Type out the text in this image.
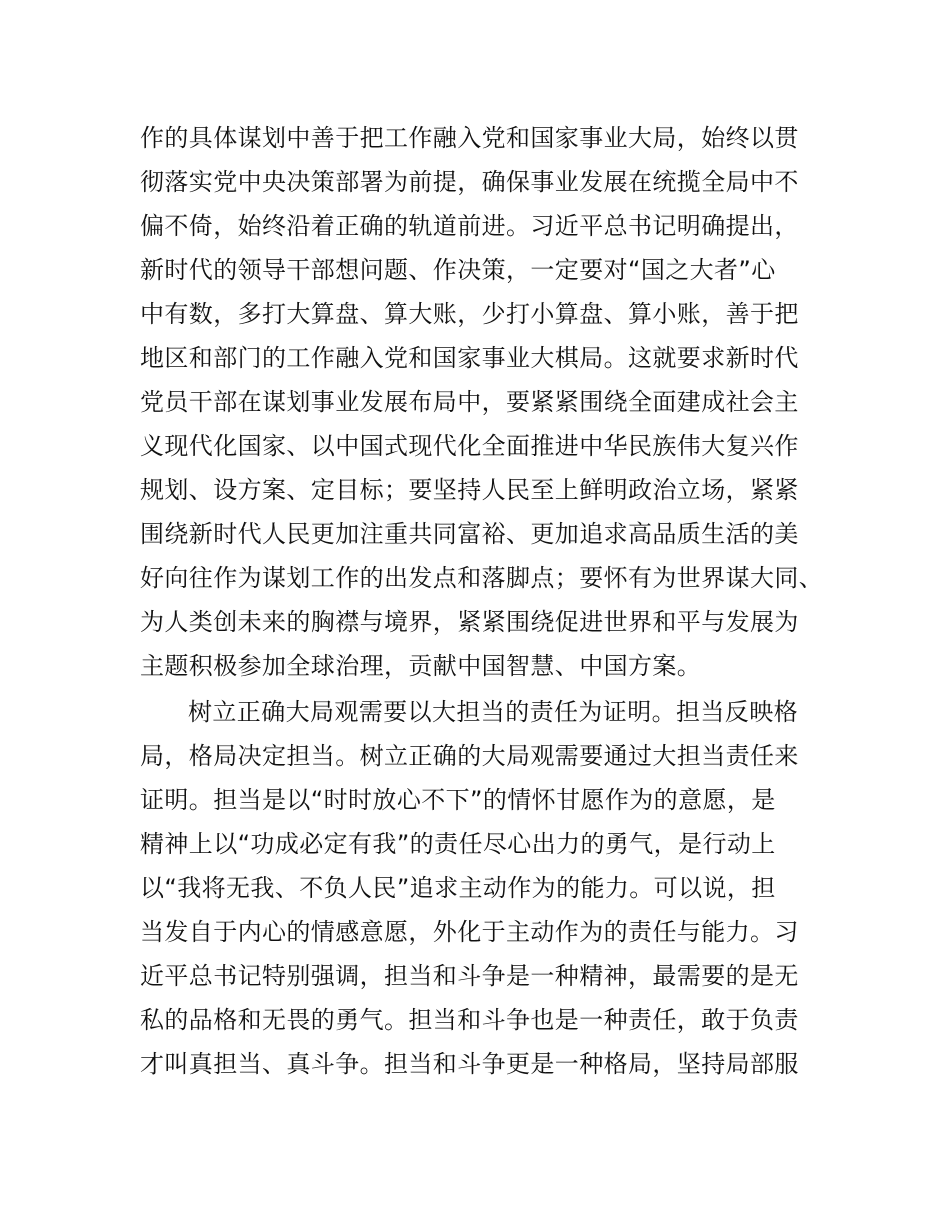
作的具体谋划中善于把工作融入党和国家事业大局，始终以贯
彻落实党中央决策部署为前提，确保事业发展在统揽全局中不
偏不倚，始终沿着正确的轨道前进。习近平总书记明确提出，
新时代的领导干部想问题、作决策，一定要对“国之大者”心
中有数，多打大算盘、算大账，少打小算盘、算小账，善于把
地区和部门的工作融入党和国家事业大棋局。这就要求新时代
党员干部在谋划事业发展布局中，要紧紧围绕全面建成社会主
义现代化国家、以中国式现代化全面推进中华民族伟大复兴作
规划、设方案、定目标；要坚持人民至上鲜明政治立场，紧紧
围绕新时代人民更加注重共同富裕、更加追求高品质生活的美
好向往作为谋划工作的出发点和落脚点；要怀有为世界谋大同、
为人类创未来的胸襟与境界，紧紧围绕促进世界和平与发展为
主题积极参加全球治理，贡献中国智慧、中国方案。
树立正确大局观需要以大担当的责任为证明。担当反映格
局，格局决定担当。树立正确的大局观需要通过大担当责任来
证明。担当是以“时时放心不下”的情怀甘愿作为的意愿，是
精神上以“功成必定有我”的责任尽心出力的勇气，是行动上
以“我将无我、不负人民”追求主动作为的能力。可以说，担
当发自于内心的情感意愿，外化于主动作为的责任与能力。习
近平总书记特别强调，担当和斗争是一种精神，最需要的是无
私的品格和无畏的勇气。担当和斗争也是一种责任，敢于负责
才叫真担当、真斗争。担当和斗争更是一种格局，坚持局部服
